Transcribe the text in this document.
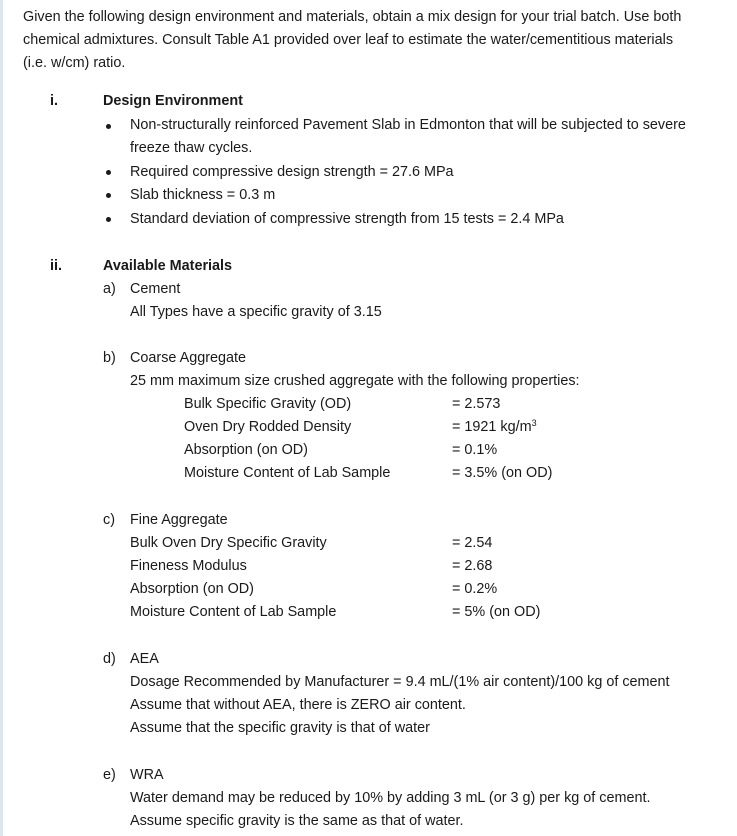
Given the following design environment and materials, obtain a mix design for your trial batch. Use both
chemical admixtures. Consult Table A1 provided over leaf to estimate the water/cementitious materials
(i.e. w/cm) ratio.
i.	Design Environment
Non-structurally reinforced Pavement Slab in Edmonton that will be subjected to severe
freeze thaw cycles.
Required compressive design strength = 27.6 MPa
Slab thickness = 0.3 m
Standard deviation of compressive strength from 15 tests = 2.4 MPa
ii.	Available Materials
a) Cement
All Types have a specific gravity of 3.15
b) Coarse Aggregate
25 mm maximum size crushed aggregate with the following properties:
Bulk Specific Gravity (OD)	= 2.573
Oven Dry Rodded Density	= 1921 $kg/m^3$
Absorption (on OD)	= 0.1%
Moisture Content of Lab Sample	= 3.5% (on OD)
c) Fine Aggregate
Bulk Oven Dry Specific Gravity	= 2.54
Fineness Modulus	= 2.68
Absorption (on OD)	= 0.2%
Moisture Content of Lab Sample	= 5% (on OD)
d) AEA
Dosage Recommended by Manufacturer = 9.4 mL/(1% air content)/100 kg of cement
Assume that without AEA, there is ZERO air content.
Assume that the specific gravity is that of water
e) WRA
Water demand may be reduced by 10% by adding 3 mL (or 3 g) per kg of cement.
Assume specific gravity is the same as that of water.
